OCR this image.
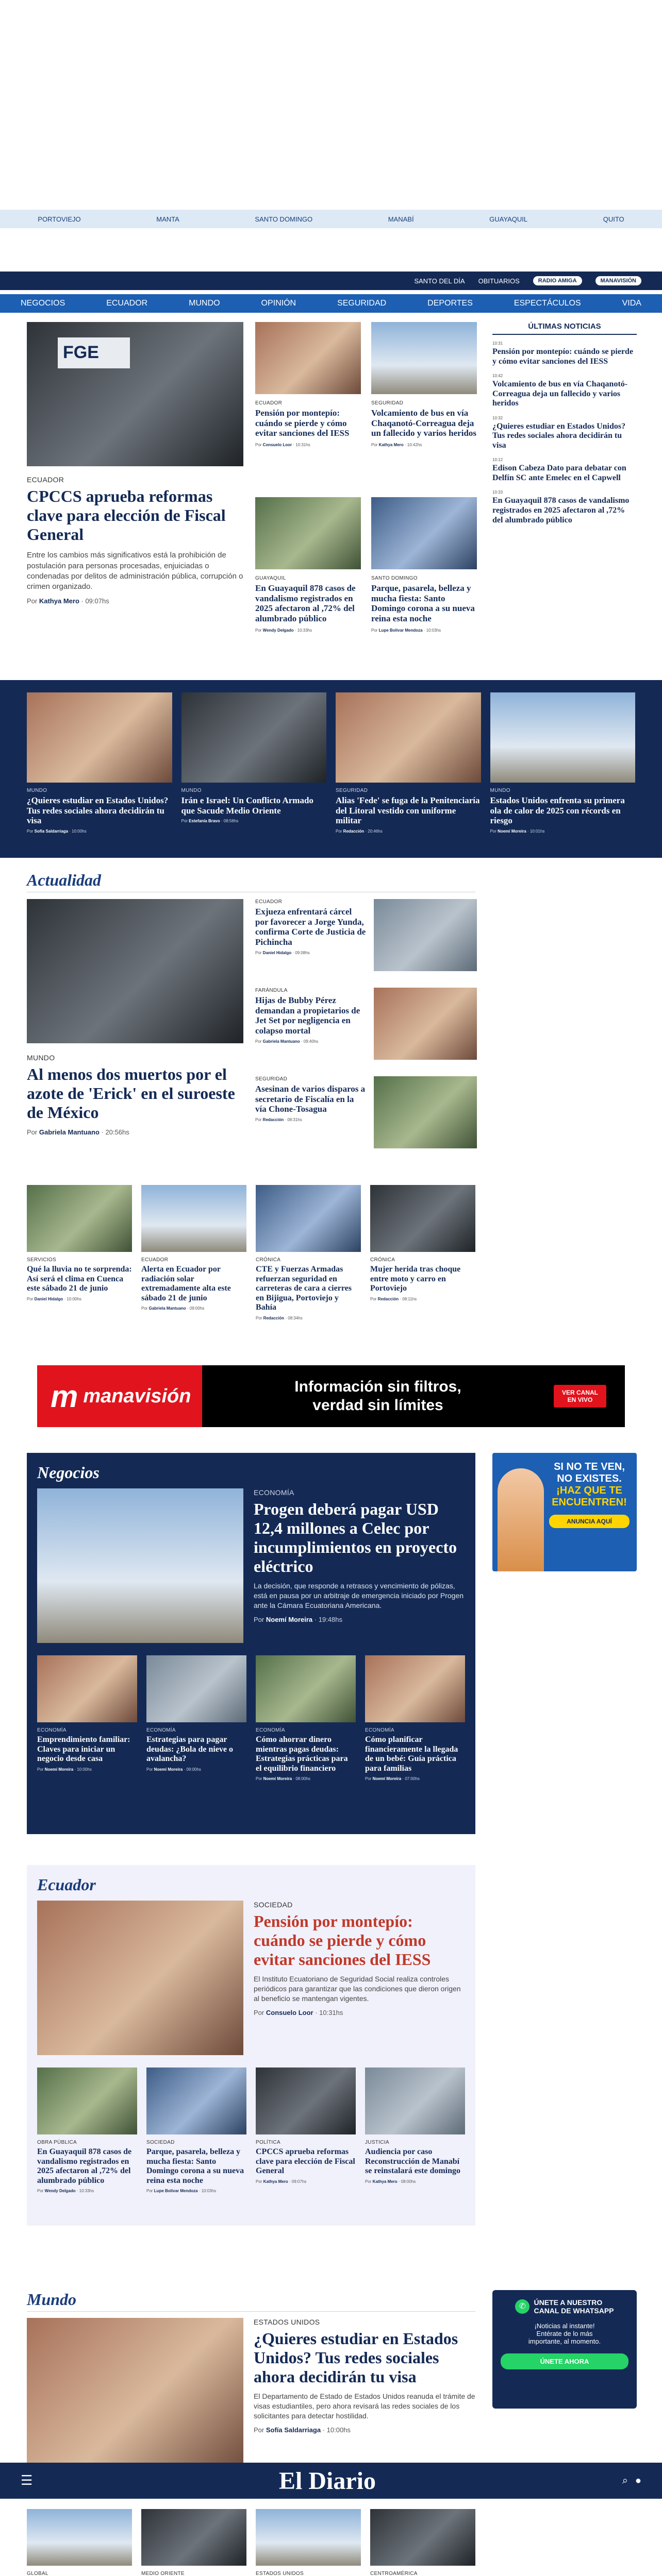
PORTOVIEJO	MANTA	SANTO DOMINGO	MANABÍ	GUAYAQUIL	QUITO
SANTO DEL DÍA OBITUARIOS	RADIO AMIGA	MANAVISIÓN
NEGOCIOS	ECUADOR	MUNDO	OPINIÓN	SEGURIDAD	DEPORTES	ESPECTÁCULOS	VIDA
FGE
ECUADOR
CPCCS aprueba reformas clave para elección de Fiscal General
Entre los cambios más significativos está la prohibición de postulación para personas procesadas, enjuiciadas o condenadas por delitos de administración pública, corrupción o crimen organizado.
Por Kathya Mero · 09:07hs
ECUADOR
Pensión por montepío: cuándo se pierde y cómo evitar sanciones del IESS
Por Consuelo Loor · 10:31hs
SEGURIDAD
Volcamiento de bus en vía Chaqanotó-Correaguа deja un fallecido y varios heridos
Por Kathya Mero · 10:42hs
GUAYAQUIL
En Guayaquil 878 casos de vandalismo registrados en 2025 afectaron al ,72% del alumbrado público
Por Wendy Delgado · 10:33hs
SANTO DOMINGO
Parque, pasarela, belleza y mucha fiesta: Santo Domingo corona a su nueva reina esta noche
Por Lupe Bolivar Mendoza · 10:03hs
ÚLTIMAS NOTICIAS
10:31
Pensión por montepío: cuándo se pierde y cómo evitar sanciones del IESS
10:42
Volcamiento de bus en vía Chaqanotó-Correaguа deja un fallecido y varios heridos
10:32
¿Quieres estudiar en Estados Unidos? Tus redes sociales ahora decidirán tu visa
10:12
Edison Cabeza Dato para debatar con Delfín SC ante Emelec en el Capwell
10:33
En Guayaquil 878 casos de vandalismo registrados en 2025 afectaron al ,72% del alumbrado público
MUNDO
¿Quieres estudiar en Estados Unidos? Tus redes sociales ahora decidirán tu visa
Por Sofía Saldarriaga · 10:00hs
MUNDO
Irán e Israel: Un Conflicto Armado que Sacude Medio Oriente
Por Estefanía Bravo · 08:56hs
SEGURIDAD
Alias 'Fede' se fuga de la Penitenciaría del Litoral vestido con uniforme militar
Por Redacción · 20:46hs
MUNDO
Estados Unidos enfrenta su primera ola de calor de 2025 con récords en riesgo
Por Noemí Moreira · 10:01hs
Actualidad
MUNDO
Al menos dos muertos por el azote de 'Erick' en el suroeste de México
Por Gabriela Mantuano · 20:56hs
ECUADOR
Exjueza enfrentará cárcel por favorecer a Jorge Yunda, confirma Corte de Justicia de Pichincha
Por Daniel Hidalgo · 09:08hs
FARÁNDULA
Hijas de Bubby Pérez demandan a propietarios de Jet Set por negligencia en colapso mortal
Por Gabriela Mantuano · 09:40hs
SEGURIDAD
Asesinan de varios disparos a secretario de Fiscalía en la vía Chone-Tosagua
Por Redacción · 08:31hs
SERVICIOS
Qué la lluvia no te sorprenda: Así será el clima en Cuenca este sábado 21 de junio
Por Daniel Hidalgo · 10:00hs
ECUADOR
Alerta en Ecuador por radiación solar extremadamente alta este sábado 21 de junio
Por Gabriela Mantuano · 09:00hs
CRÓNICA
CTE y Fuerzas Armadas refuerzan seguridad en carreteras de cara a cierres en Bijigua, Portoviejo y Bahía
Por Redacción · 08:34hs
CRÓNICA
Mujer herida tras choque entre moto y carro en Portoviejo
Por Redacción · 08:11hs
m manavisión	Información sin filtros,
verdad sin límites
VER CANAL
EN VIVO
Negocios
ECONOMÍA
Progen deberá pagar USD 12,4 millones a Celec por incumplimientos en proyecto eléctrico
La decisión, que responde a retrasos y vencimiento de pólizas, está en pausa por un arbitraje de emergencia iniciado por Progen ante la Cámara Ecuatoriana Americana.
Por Noemí Moreira · 19:48hs
ECONOMÍA
Emprendimiento familiar: Claves para iniciar un negocio desde casa
Por Noemí Moreira · 10:00hs
ECONOMÍA
Estrategias para pagar deudas: ¿Bola de nieve o avalancha?
Por Noemí Moreira · 09:00hs
ECONOMÍA
Cómo ahorrar dinero mientras pagas deudas: Estrategias prácticas para el equilibrio financiero
Por Noemí Moreira · 08:00hs
ECONOMÍA
Cómo planificar financieramente la llegada de un bebé: Guía práctica para familias
Por Noemí Moreira · 07:00hs
SI NO TE VEN,
NO EXISTES.
¡HAZ QUE TE
ENCUENTREN!
ANUNCIA AQUÍ
Ecuador
SOCIEDAD
Pensión por montepío: cuándo se pierde y cómo evitar sanciones del IESS
El Instituto Ecuatoriano de Seguridad Social realiza controles periódicos para garantizar que las condiciones que dieron origen al beneficio se mantengan vigentes.
Por Consuelo Loor · 10:31hs
OBRA PÚBLICA
En Guayaquil 878 casos de vandalismo registrados en 2025 afectaron al ,72% del alumbrado público
Por Wendy Delgado · 10:33hs
SOCIEDAD
Parque, pasarela, belleza y mucha fiesta: Santo Domingo corona a su nueva reina esta noche
Por Lupe Bolivar Mendoza · 10:03hs
POLÍTICA
CPCCS aprueba reformas clave para elección de Fiscal General
Por Kathya Mero · 09:07hs
JUSTICIA
Audiencia por caso Reconstrucción de Manabí se reinstalará este domingo
Por Kathya Mero · 08:00hs
Mundo
ESTADOS UNIDOS
¿Quieres estudiar en Estados Unidos? Tus redes sociales ahora decidirán tu visa
El Departamento de Estado de Estados Unidos reanuda el trámite de visas estudiantiles, pero ahora revisará las redes sociales de los solicitantes para detectar hostilidad.
Por Sofía Saldarriaga · 10:00hs
✆	ÚNETE A NUESTRO
CANAL DE WHATSAPP
¡Noticias al instante!
Entérate de lo más
importante, al momento.
ÚNETE AHORA
☰	El Diario	⌕ ●
GLOBAL	MEDIO ORIENTE	ESTADOS UNIDOS	CENTROAMÉRICA
